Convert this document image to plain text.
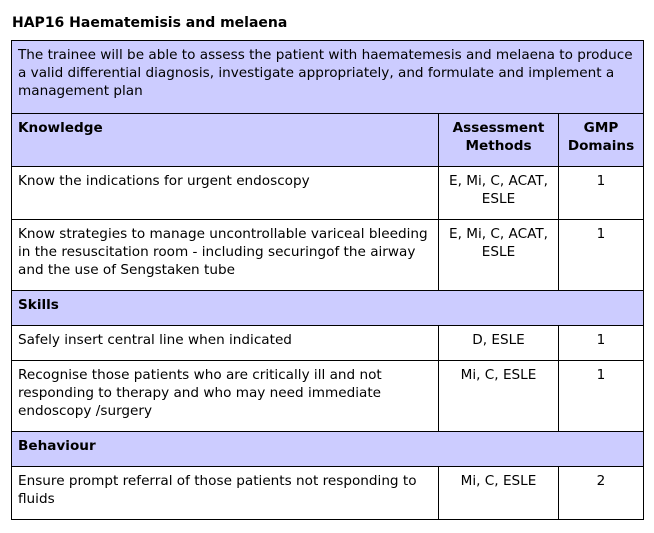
HAP16 Haematemisis and melaena
The trainee will be able to assess the patient with haematemesis and melaena to produce a valid differential diagnosis, investigate appropriately, and formulate and implement a management plan		
Knowledge	Assessment Methods	GMP Domains
Know the indications for urgent endoscopy	E, Mi, C, ACAT, ESLE	1
Know strategies to manage uncontrollable variceal bleeding in the resuscitation room - including securingof the airway and the use of Sengstaken tube	E, Mi, C, ACAT, ESLE	1
Skills		
Safely insert central line when indicated	D, ESLE	1
Recognise those patients who are critically ill and not responding to therapy and who may need immediate endoscopy /surgery	Mi, C, ESLE	1
Behaviour		
Ensure prompt referral of those patients not responding to fluids	Mi, C, ESLE	2
